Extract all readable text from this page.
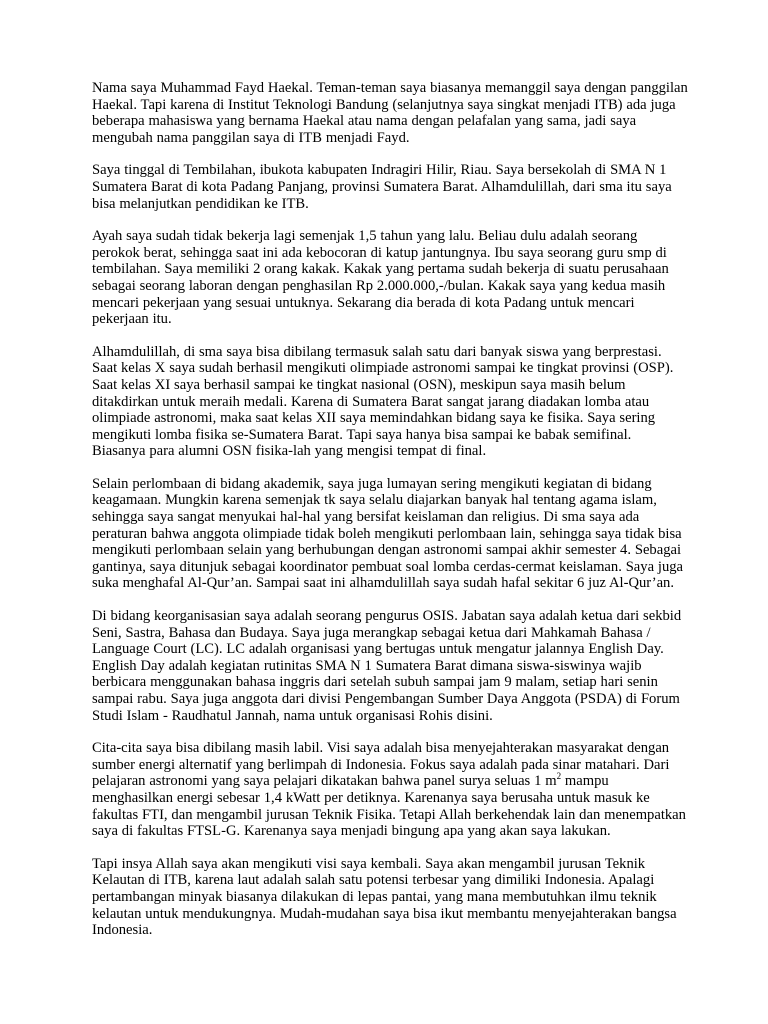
Nama saya Muhammad Fayd Haekal. Teman-teman saya biasanya memanggil saya dengan panggilan Haekal. Tapi karena di Institut Teknologi Bandung (selanjutnya saya singkat menjadi ITB) ada juga beberapa mahasiswa yang bernama Haekal atau nama dengan pelafalan yang sama, jadi saya mengubah nama panggilan saya di ITB menjadi Fayd.

Saya tinggal di Tembilahan, ibukota kabupaten Indragiri Hilir, Riau. Saya bersekolah di SMA N 1 Sumatera Barat di kota Padang Panjang, provinsi Sumatera Barat. Alhamdulillah, dari sma itu saya bisa melanjutkan pendidikan ke ITB.

Ayah saya sudah tidak bekerja lagi semenjak 1,5 tahun yang lalu. Beliau dulu adalah seorang perokok berat, sehingga saat ini ada kebocoran di katup jantungnya. Ibu saya seorang guru smp di tembilahan. Saya memiliki 2 orang kakak. Kakak yang pertama sudah bekerja di suatu perusahaan sebagai seorang laboran dengan penghasilan Rp 2.000.000,-/bulan. Kakak saya yang kedua masih mencari pekerjaan yang sesuai untuknya. Sekarang dia berada di kota Padang untuk mencari pekerjaan itu.

Alhamdulillah, di sma saya bisa dibilang termasuk salah satu dari banyak siswa yang berprestasi. Saat kelas X saya sudah berhasil mengikuti olimpiade astronomi sampai ke tingkat provinsi (OSP). Saat kelas XI saya berhasil sampai ke tingkat nasional (OSN), meskipun saya masih belum ditakdirkan untuk meraih medali. Karena di Sumatera Barat sangat jarang diadakan lomba atau olimpiade astronomi, maka saat kelas XII saya memindahkan bidang saya ke fisika. Saya sering mengikuti lomba fisika se-Sumatera Barat. Tapi saya hanya bisa sampai ke babak semifinal. Biasanya para alumni OSN fisika-lah yang mengisi tempat di final.

Selain perlombaan di bidang akademik, saya juga lumayan sering mengikuti kegiatan di bidang keagamaan. Mungkin karena semenjak tk saya selalu diajarkan banyak hal tentang agama islam, sehingga saya sangat menyukai hal-hal yang bersifat keislaman dan religius. Di sma saya ada peraturan bahwa anggota olimpiade tidak boleh mengikuti perlombaan lain, sehingga saya tidak bisa mengikuti perlombaan selain yang berhubungan dengan astronomi sampai akhir semester 4. Sebagai gantinya, saya ditunjuk sebagai koordinator pembuat soal lomba cerdas-cermat keislaman. Saya juga suka menghafal Al-Qur’an. Sampai saat ini alhamdulillah saya sudah hafal sekitar 6 juz Al-Qur’an.

Di bidang keorganisasian saya adalah seorang pengurus OSIS. Jabatan saya adalah ketua dari sekbid Seni, Sastra, Bahasa dan Budaya. Saya juga merangkap sebagai ketua dari Mahkamah Bahasa / Language Court (LC). LC adalah organisasi yang bertugas untuk mengatur jalannya English Day. English Day adalah kegiatan rutinitas SMA N 1 Sumatera Barat dimana siswa-siswinya wajib berbicara menggunakan bahasa inggris dari setelah subuh sampai jam 9 malam, setiap hari senin sampai rabu. Saya juga anggota dari divisi Pengembangan Sumber Daya Anggota (PSDA) di Forum Studi Islam - Raudhatul Jannah, nama untuk organisasi Rohis disini.

Cita-cita saya bisa dibilang masih labil. Visi saya adalah bisa menyejahterakan masyarakat dengan sumber energi alternatif yang berlimpah di Indonesia. Fokus saya adalah pada sinar matahari. Dari pelajaran astronomi yang saya pelajari dikatakan bahwa panel surya seluas 1 $m^2$ mampu menghasilkan energi sebesar 1,4 kWatt per detiknya. Karenanya saya berusaha untuk masuk ke fakultas FTI, dan mengambil jurusan Teknik Fisika. Tetapi Allah berkehendak lain dan menempatkan saya di fakultas FTSL-G. Karenanya saya menjadi bingung apa yang akan saya lakukan.

Tapi insya Allah saya akan mengikuti visi saya kembali. Saya akan mengambil jurusan Teknik Kelautan di ITB, karena laut adalah salah satu potensi terbesar yang dimiliki Indonesia. Apalagi pertambangan minyak biasanya dilakukan di lepas pantai, yang mana membutuhkan ilmu teknik kelautan untuk mendukungnya. Mudah-mudahan saya bisa ikut membantu menyejahterakan bangsa Indonesia.
